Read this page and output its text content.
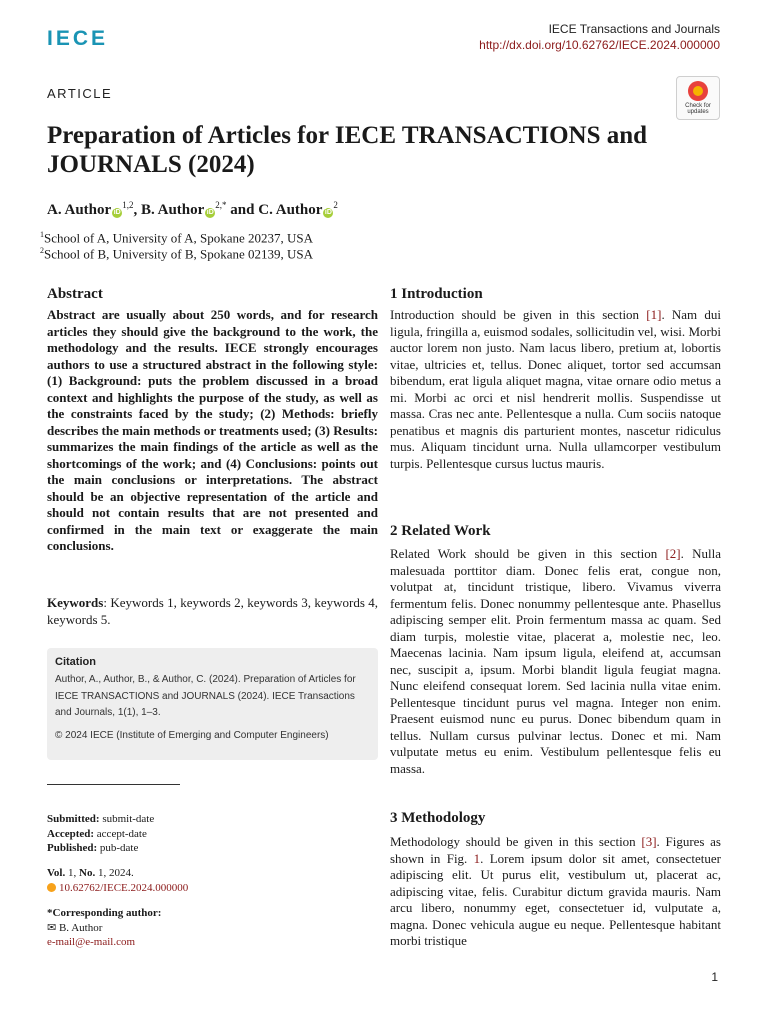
IECE	IECE Transactions and Journals
http://dx.doi.org/10.62762/IECE.2024.000000
ARTICLE
Check for updates
Preparation of Articles for IECE TRANSACTIONS and JOURNALS (2024)
A. Author iD$^{1,2}$, B. Author $iD^{2,*}$ and C. Author $iD^2$
$^1$School of A, University of A, Spokane 20237, USA
$^2$School of B, University of B, Spokane 02139, USA
Abstract

Abstract are usually about 250 words, and for research articles they should give the background to the work, the methodology and the results. IECE strongly encourages authors to use a structured abstract in the following style: (1) Background: puts the problem discussed in a broad context and highlights the purpose of the study, as well as the constraints faced by the study; (2) Methods: briefly describes the main methods or treatments used; (3) Results: summarizes the main findings of the article as well as the shortcomings of the work; and (4) Conclusions: points out the main conclusions or interpretations. The abstract should be an objective representation of the article and should not contain results that are not presented and confirmed in the main text or exaggerate the main conclusions.

Keywords: Keywords 1, keywords 2, keywords 3, keywords 4, keywords 5.

Citation
Author, A., Author, B., & Author, C. (2024). Preparation of Articles for IECE TRANSACTIONS and JOURNALS (2024). IECE Transactions and Journals, 1(1), 1–3.
© 2024 IECE (Institute of Emerging and Computer Engineers)
Submitted: submit-date
Accepted: accept-date
Published: pub-date
Vol. 1, No. 1, 2024.
10.62762/IECE.2024.000000
*Corresponding author:
✉ B. Author
e-mail@e-mail.com
1 Introduction

Introduction should be given in this section [1]. Nam dui ligula, fringilla a, euismod sodales, sollicitudin vel, wisi. Morbi auctor lorem non justo. Nam lacus libero, pretium at, lobortis vitae, ultricies et, tellus. Donec aliquet, tortor sed accumsan bibendum, erat ligula aliquet magna, vitae ornare odio metus a mi. Morbi ac orci et nisl hendrerit mollis. Suspendisse ut massa. Cras nec ante. Pellentesque a nulla. Cum sociis natoque penatibus et magnis dis parturient montes, nascetur ridiculus mus. Aliquam tincidunt urna. Nulla ullamcorper vestibulum turpis. Pellentesque cursus luctus mauris.

2 Related Work

Related Work should be given in this section [2]. Nulla malesuada porttitor diam. Donec felis erat, congue non, volutpat at, tincidunt tristique, libero. Vivamus viverra fermentum felis. Donec nonummy pellentesque ante. Phasellus adipiscing semper elit. Proin fermentum massa ac quam. Sed diam turpis, molestie vitae, placerat a, molestie nec, leo. Maecenas lacinia. Nam ipsum ligula, eleifend at, accumsan nec, suscipit a, ipsum. Morbi blandit ligula feugiat magna. Nunc eleifend consequat lorem. Sed lacinia nulla vitae enim. Pellentesque tincidunt purus vel magna. Integer non enim. Praesent euismod nunc eu purus. Donec bibendum quam in tellus. Nullam cursus pulvinar lectus. Donec et mi. Nam vulputate metus eu enim. Vestibulum pellentesque felis eu massa.

3 Methodology

Methodology should be given in this section [3]. Figures as shown in Fig. 1. Lorem ipsum dolor sit amet, consectetuer adipiscing elit. Ut purus elit, vestibulum ut, placerat ac, adipiscing vitae, felis. Curabitur dictum gravida mauris. Nam arcu libero, nonummy eget, consectetuer id, vulputate a, magna. Donec vehicula augue eu neque. Pellentesque habitant morbi tristique

1
